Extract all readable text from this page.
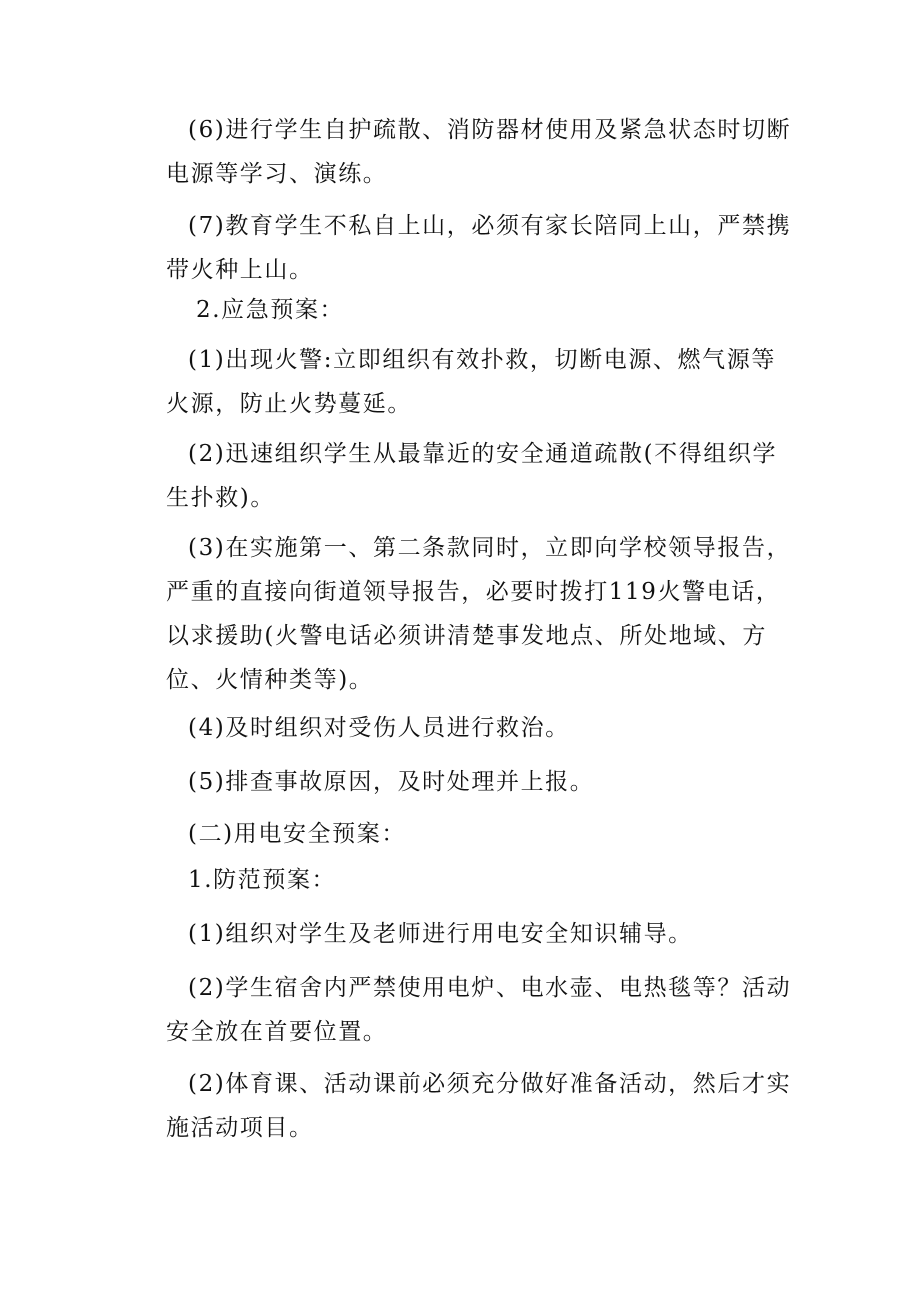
(6)进行学生自护疏散、消防器材使用及紧急状态时切断电源等学习、演练。

(7)教育学生不私自上山，必须有家长陪同上山，严禁携带火种上山。

2.应急预案：

(1)出现火警:立即组织有效扑救，切断电源、燃气源等火源，防止火势蔓延。

(2)迅速组织学生从最靠近的安全通道疏散(不得组织学生扑救)。

(3)在实施第一、第二条款同时，立即向学校领导报告，严重的直接向街道领导报告，必要时拨打119火警电话，以求援助(火警电话必须讲清楚事发地点、所处地域、方位、火情种类等)。

(4)及时组织对受伤人员进行救治。

(5)排查事故原因，及时处理并上报。

(二)用电安全预案：

1.防范预案：

(1)组织对学生及老师进行用电安全知识辅导。

(2)学生宿舍内严禁使用电炉、电水壶、电热毯等？活动安全放在首要位置。

(2)体育课、活动课前必须充分做好准备活动，然后才实施活动项目。
